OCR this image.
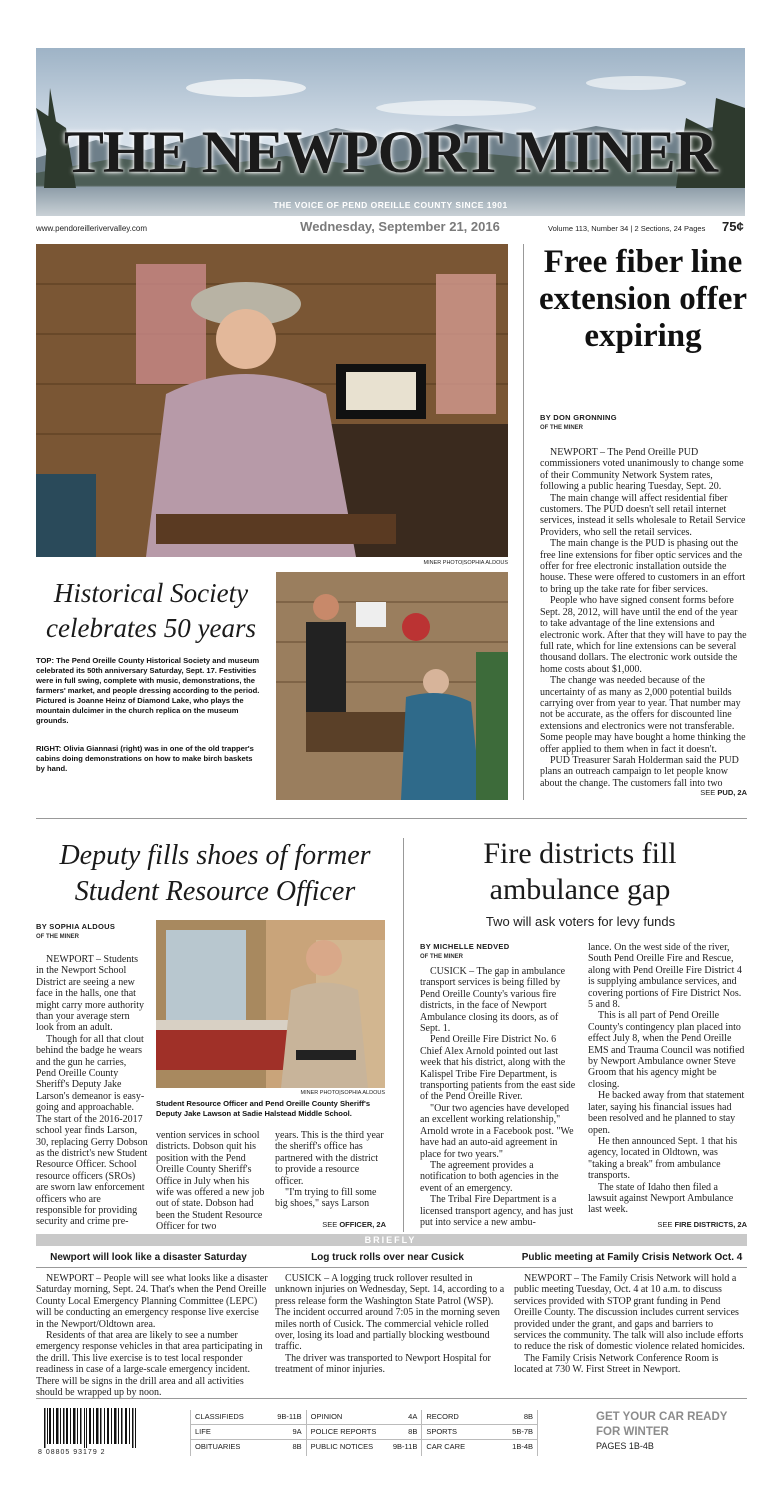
THE NEWPORT MINER
THE VOICE OF PEND OREILLE COUNTY SINCE 1901
www.pendoreillerivervalley.com	Wednesday, September 21, 2016	Volume 113, Number 34 | 2 Sections, 24 Pages 75¢
MINER PHOTO|SOPHIA ALDOUS
Historical Society celebrates 50 years
TOP: The Pend Oreille County Historical Society and museum celebrated its 50th anniversary Saturday, Sept. 17. Festivities were in full swing, complete with music, demonstrations, the farmers' market, and people dressing according to the period. Pictured is Joanne Heinz of Diamond Lake, who plays the mountain dulcimer in the church replica on the museum grounds.
RIGHT: Olivia Giannasi (right) was in one of the old trapper's cabins doing demonstrations on how to make birch baskets by hand.
Free fiber line extension offer expiring
BY DON GRONNING
OF THE MINER

NEWPORT – The Pend Oreille PUD commissioners voted unanimously to change some of their Community Network System rates, following a public hearing Tuesday, Sept. 20.

The main change will affect residential fiber customers. The PUD doesn't sell retail internet services, instead it sells wholesale to Retail Service Providers, who sell the retail services.

The main change is the PUD is phasing out the free line extensions for fiber optic services and the offer for free electronic installation outside the house. These were offered to customers in an effort to bring up the take rate for fiber services.

People who have signed consent forms before Sept. 28, 2012, will have until the end of the year to take advantage of the line extensions and electronic work. After that they will have to pay the full rate, which for line extensions can be several thousand dollars. The electronic work outside the home costs about $1,000.

The change was needed because of the uncertainty of as many as 2,000 potential builds carrying over from year to year. That number may not be accurate, as the offers for discounted line extensions and electronics were not transferable. Some people may have bought a home thinking the offer applied to them when in fact it doesn't.

PUD Treasurer Sarah Holderman said the PUD plans an outreach campaign to let people know about the change. The customers fall into two

SEE PUD, 2A
Deputy fills shoes of former Student Resource Officer
BY SOPHIA ALDOUS
OF THE MINER

NEWPORT – Students in the Newport School District are seeing a new face in the halls, one that might carry more authority than your average stern look from an adult.

Though for all that clout behind the badge he wears and the gun he carries, Pend Oreille County Sheriff's Deputy Jake Larson's demeanor is easy-going and approachable. The start of the 2016-2017 school year finds Larson, 30, replacing Gerry Dobson as the district's new Student Resource Officer. School resource officers (SROs) are sworn law enforcement officers who are responsible for providing security and crime pre-

MINER PHOTO|SOPHIA ALDOUS
Student Resource Officer and Pend Oreille County Sheriff's Deputy Jake Lawson at Sadie Halstead Middle School.

vention services in school districts. Dobson quit his position with the Pend Oreille County Sheriff's Office in July when his wife was offered a new job out of state. Dobson had been the Student Resource Officer for two

years. This is the third year the sheriff's office has partnered with the district to provide a resource officer.

"I'm trying to fill some big shoes," says Larson

SEE OFFICER, 2A
Fire districts fill ambulance gap
Two will ask voters for levy funds
BY MICHELLE NEDVED
OF THE MINER

CUSICK – The gap in ambulance transport services is being filled by Pend Oreille County's various fire districts, in the face of Newport Ambulance closing its doors, as of Sept. 1.

Pend Oreille Fire District No. 6 Chief Alex Arnold pointed out last week that his district, along with the Kalispel Tribe Fire Department, is transporting patients from the east side of the Pend Oreille River.

"Our two agencies have developed an excellent working relationship," Arnold wrote in a Facebook post. "We have had an auto-aid agreement in place for two years."

The agreement provides a notification to both agencies in the event of an emergency.

The Tribal Fire Department is a licensed transport agency, and has just put into service a new ambu-

lance. On the west side of the river, South Pend Oreille Fire and Rescue, along with Pend Oreille Fire District 4 is supplying ambulance services, and covering portions of Fire District Nos. 5 and 8.

This is all part of Pend Oreille County's contingency plan placed into effect July 8, when the Pend Oreille EMS and Trauma Council was notified by Newport Ambulance owner Steve Groom that his agency might be closing.

He backed away from that statement later, saying his financial issues had been resolved and he planned to stay open.

He then announced Sept. 1 that his agency, located in Oldtown, was "taking a break" from ambulance transports.

The state of Idaho then filed a lawsuit against Newport Ambulance last week.

SEE FIRE DISTRICTS, 2A
BRIEFLY
Newport will look like a disaster Saturday	Log truck rolls over near Cusick	Public meeting at Family Crisis Network Oct. 4

NEWPORT – People will see what looks like a disaster Saturday morning, Sept. 24. That's when the Pend Oreille County Local Emergency Planning Committee (LEPC) will be conducting an emergency response live exercise in the Newport/Oldtown area.

Residents of that area are likely to see a number emergency response vehicles in that area participating in the drill. This live exercise is to test local responder readiness in case of a large-scale emergency incident. There will be signs in the drill area and all activities should be wrapped up by noon.

CUSICK – A logging truck rollover resulted in unknown injuries on Wednesday, Sept. 14, according to a press release form the Washington State Patrol (WSP). The incident occurred around 7:05 in the morning seven miles north of Cusick. The commercial vehicle rolled over, losing its load and partially blocking westbound traffic.

The driver was transported to Newport Hospital for treatment of minor injuries.

NEWPORT – The Family Crisis Network will hold a public meeting Tuesday, Oct. 4 at 10 a.m. to discuss services provided with STOP grant funding in Pend Oreille County. The discussion includes current services provided under the grant, and gaps and barriers to services the community. The talk will also include efforts to reduce the risk of domestic violence related homicides.

The Family Crisis Network Conference Room is located at 730 W. First Street in Newport.

8 08805 93179 2
CLASSIFIEDS	9B-11B
LIFE	9A
OBITUARIES	8B
OPINION	4A
POLICE REPORTS	8B
PUBLIC NOTICES	9B-11B
RECORD	8B
SPORTS	5B-7B
CAR CARE	1B-4B
GET YOUR CAR READY
FOR WINTER
PAGES 1B-4B
